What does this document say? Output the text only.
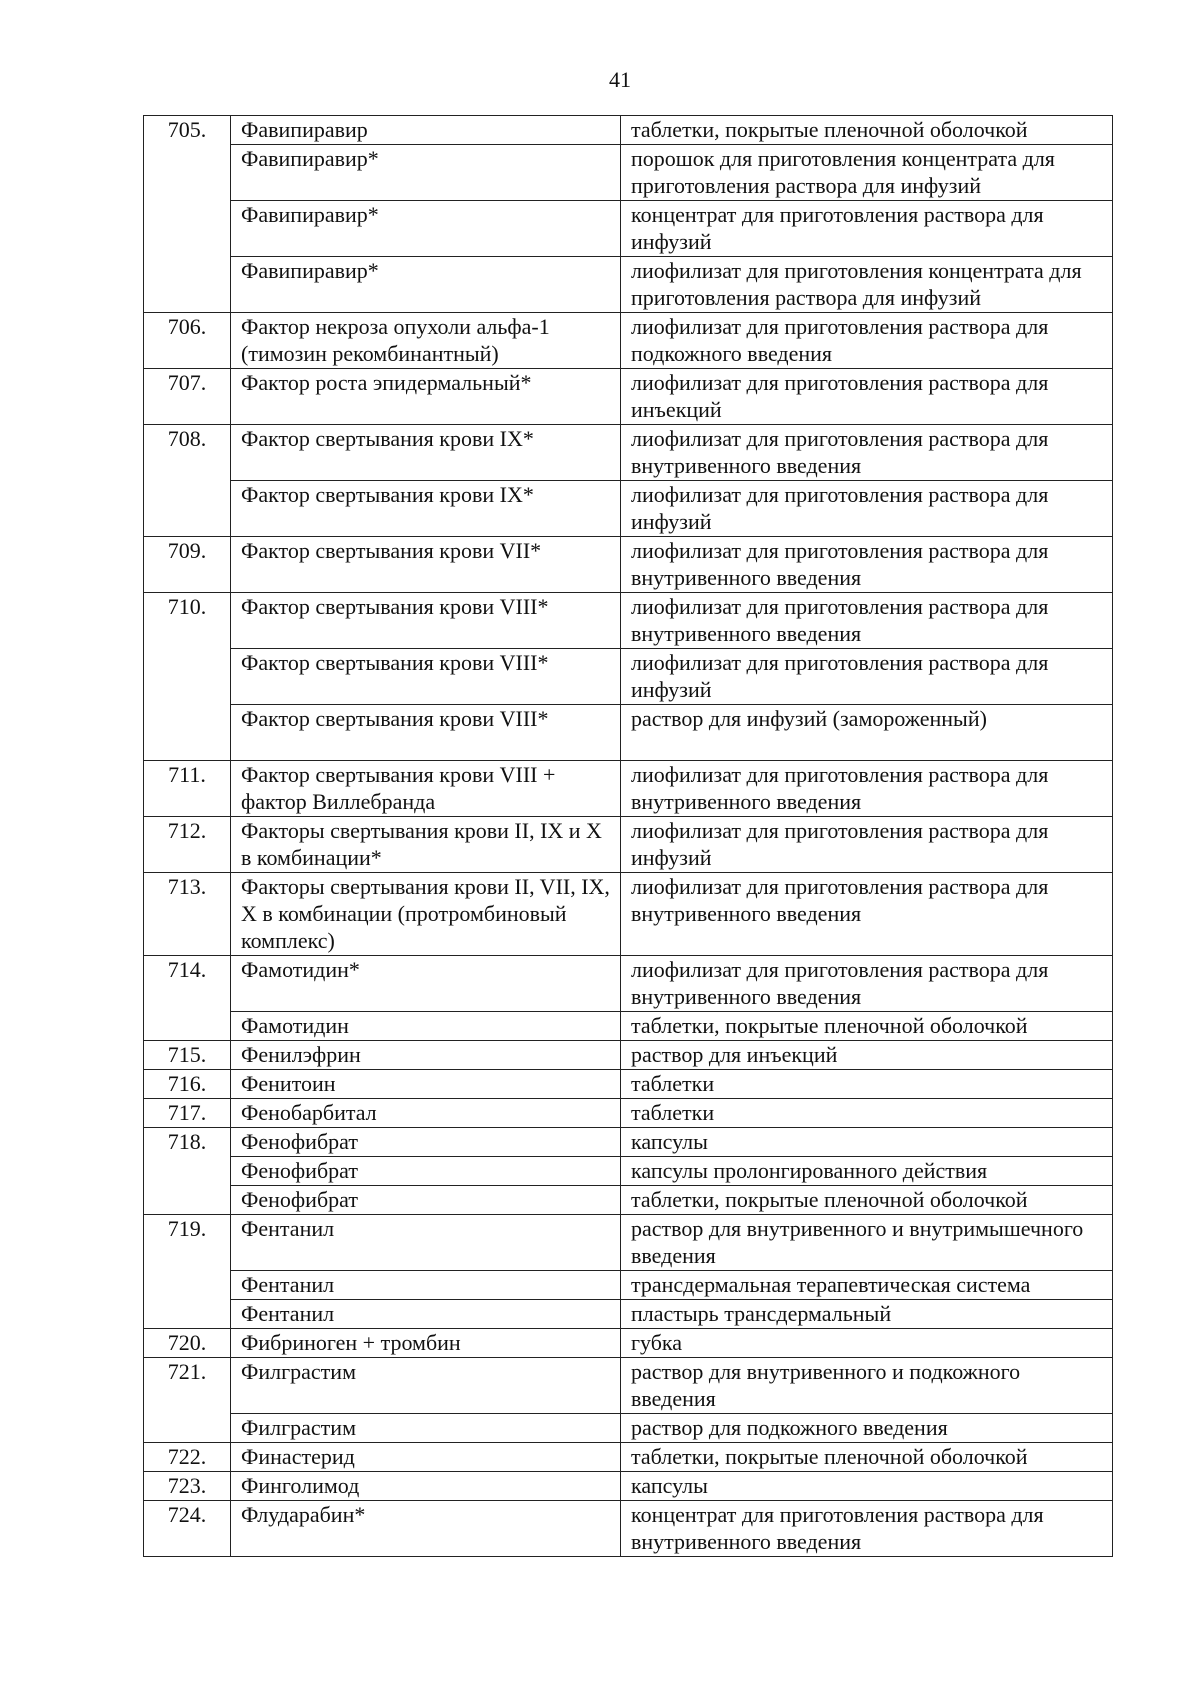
41
705.	Фавипиравир	таблетки, покрытые пленочной оболочкой
	Фавипиравир*	порошок для приготовления концентрата для приготовления раствора для инфузий
	Фавипиравир*	концентрат для приготовления раствора для инфузий
	Фавипиравир*	лиофилизат для приготовления концентрата для приготовления раствора для инфузий
706.	Фактор некроза опухоли альфа-1 (тимозин рекомбинантный)	лиофилизат для приготовления раствора для подкожного введения
707.	Фактор роста эпидермальный*	лиофилизат для приготовления раствора для инъекций
708.	Фактор свертывания крови IX*	лиофилизат для приготовления раствора для внутривенного введения
	Фактор свертывания крови IX*	лиофилизат для приготовления раствора для инфузий
709.	Фактор свертывания крови VII*	лиофилизат для приготовления раствора для внутривенного введения
710.	Фактор свертывания крови VIII*	лиофилизат для приготовления раствора для внутривенного введения
	Фактор свертывания крови VIII*	лиофилизат для приготовления раствора для инфузий
	Фактор свертывания крови VIII*	раствор для инфузий (замороженный)
711.	Фактор свертывания крови VIII + фактор Виллебранда	лиофилизат для приготовления раствора для внутривенного введения
712.	Факторы свертывания крови II, IX и X в комбинации*	лиофилизат для приготовления раствора для инфузий
713.	Факторы свертывания крови II, VII, IX, X в комбинации (протромбиновый комплекс)	лиофилизат для приготовления раствора для внутривенного введения
714.	Фамотидин*	лиофилизат для приготовления раствора для внутривенного введения
	Фамотидин	таблетки, покрытые пленочной оболочкой
715.	Фенилэфрин	раствор для инъекций
716.	Фенитоин	таблетки
717.	Фенобарбитал	таблетки
718.	Фенофибрат	капсулы
	Фенофибрат	капсулы пролонгированного действия
	Фенофибрат	таблетки, покрытые пленочной оболочкой
719.	Фентанил	раствор для внутривенного и внутримышечного введения
	Фентанил	трансдермальная терапевтическая система
	Фентанил	пластырь трансдермальный
720.	Фибриноген + тромбин	губка
721.	Филграстим	раствор для внутривенного и подкожного введения
	Филграстим	раствор для подкожного введения
722.	Финастерид	таблетки, покрытые пленочной оболочкой
723.	Финголимод	капсулы
724.	Флударабин*	концентрат для приготовления раствора для внутривенного введения
